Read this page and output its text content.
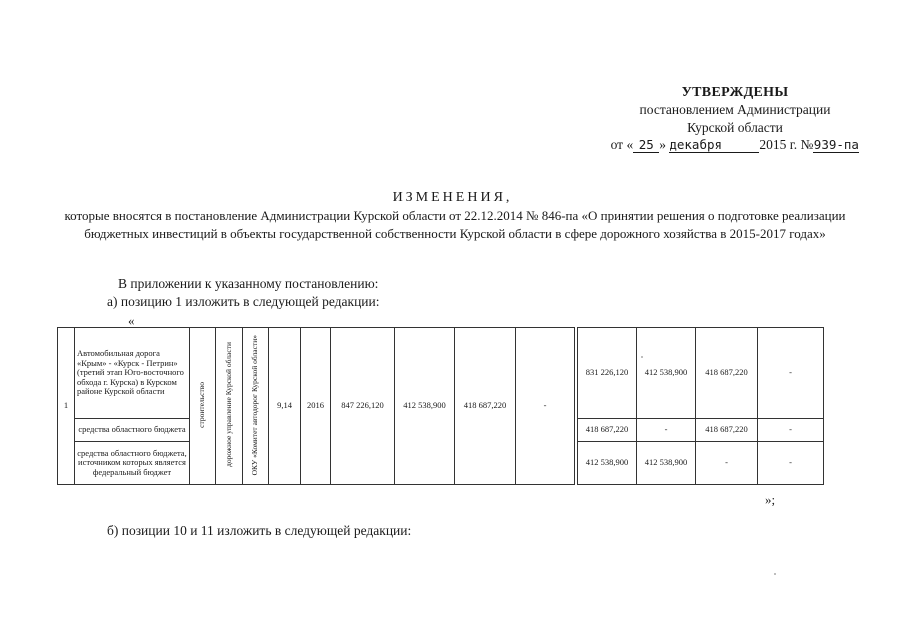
УТВЕРЖДЕНЫ
постановлением Администрации
Курской области
от « 25 » декабря	2015 г. №939-па
ИЗМЕНЕНИЯ,
которые вносятся в постановление Администрации Курской области от 22.12.2014 № 846-па «О принятии решения о подготовке реализации бюджетных инвестиций в объекты государственной собственности Курской области в сфере дорожного хозяйства в 2015-2017 годах»
В приложении к указанному постановлению:
а) позицию 1 изложить в следующей редакции:
«
1	Автомобильная дорога «Крым» - «Курск - Петрин» (третий этап Юго-восточного обхода г. Курска) в Курском районе Курской области	строительство	дорожное управление Курской области	ОКУ «Комитет автодорог Курской области»	9,14	2016	847 226,120	412 538,900	418 687,220	-		831 226,120	412 538,900	418 687,220	-
	средства областного бюджета											418 687,220	-	418 687,220	-
	средства областного бюджета, источником которых является федеральный бюджет											412 538,900	412 538,900	-	-
»;
б) позиции 10 и 11 изложить в следующей редакции:
